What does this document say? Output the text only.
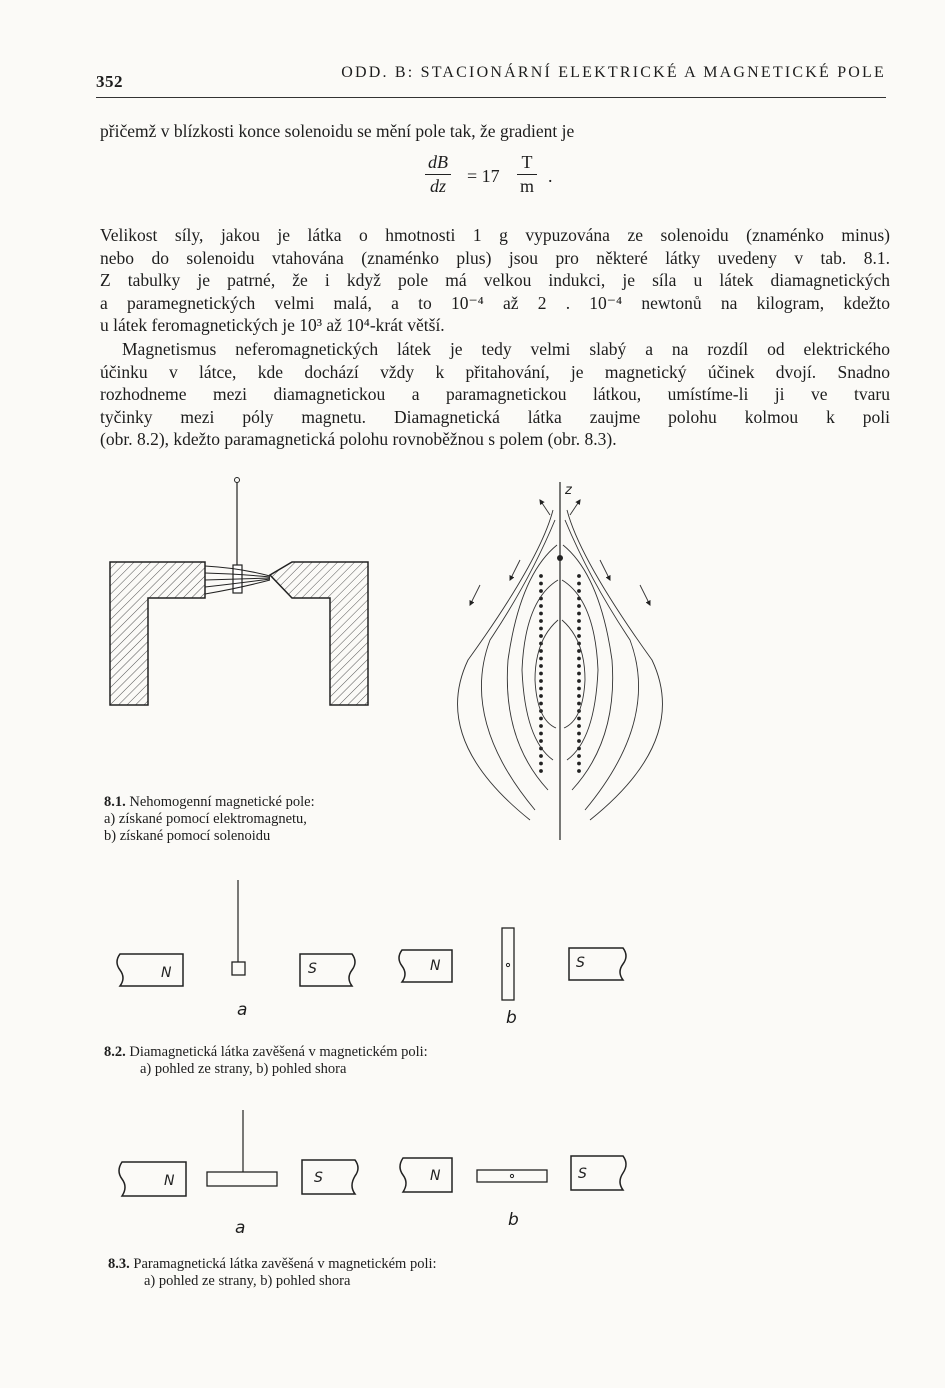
352	ODD. B: STACIONÁRNÍ ELEKTRICKÉ A MAGNETICKÉ POLE
přičemž v blízkosti konce solenoidu se mění pole tak, že gradient je
dB
dz = 17
T
m .
Velikost síly, jakou je látka o hmotnosti 1 g vypuzována ze solenoidu (znaménko minus)
nebo do solenoidu vtahována (znaménko plus) jsou pro některé látky uvedeny v tab. 8.1.
Z tabulky je patrné, že i když pole má velkou indukci, je síla u látek diamagnetických
a paramegnetických velmi malá, a to 10⁻⁴ až 2 . 10⁻⁴ newtonů na kilogram, kdežto
u látek feromagnetických je 10³ až 10⁴-krát větší.
Magnetismus neferomagnetických látek je tedy velmi slabý a na rozdíl od elektrického
účinku v látce, kde dochází vždy k přitahování, je magnetický účinek dvojí. Snadno
rozhodneme mezi diamagnetickou a paramagnetickou látkou, umístíme-li ji ve tvaru
tyčinky mezi póly magnetu. Diamagnetická látka zaujme polohu kolmou k poli
(obr. 8.2), kdežto paramagnetická polohu rovnoběžnou s polem (obr. 8.3).
z
8.1. Nehomogenní magnetické pole:
a) získané pomocí elektromagnetu,
b) získané pomocí solenoidu
N	S	N	S
a	b
8.2. Diamagnetická látka zavěšená v magnetickém poli:
a) pohled ze strany, b) pohled shora
N	S	N	S
a	b
8.3. Paramagnetická látka zavěšená v magnetickém poli:
a) pohled ze strany, b) pohled shora
